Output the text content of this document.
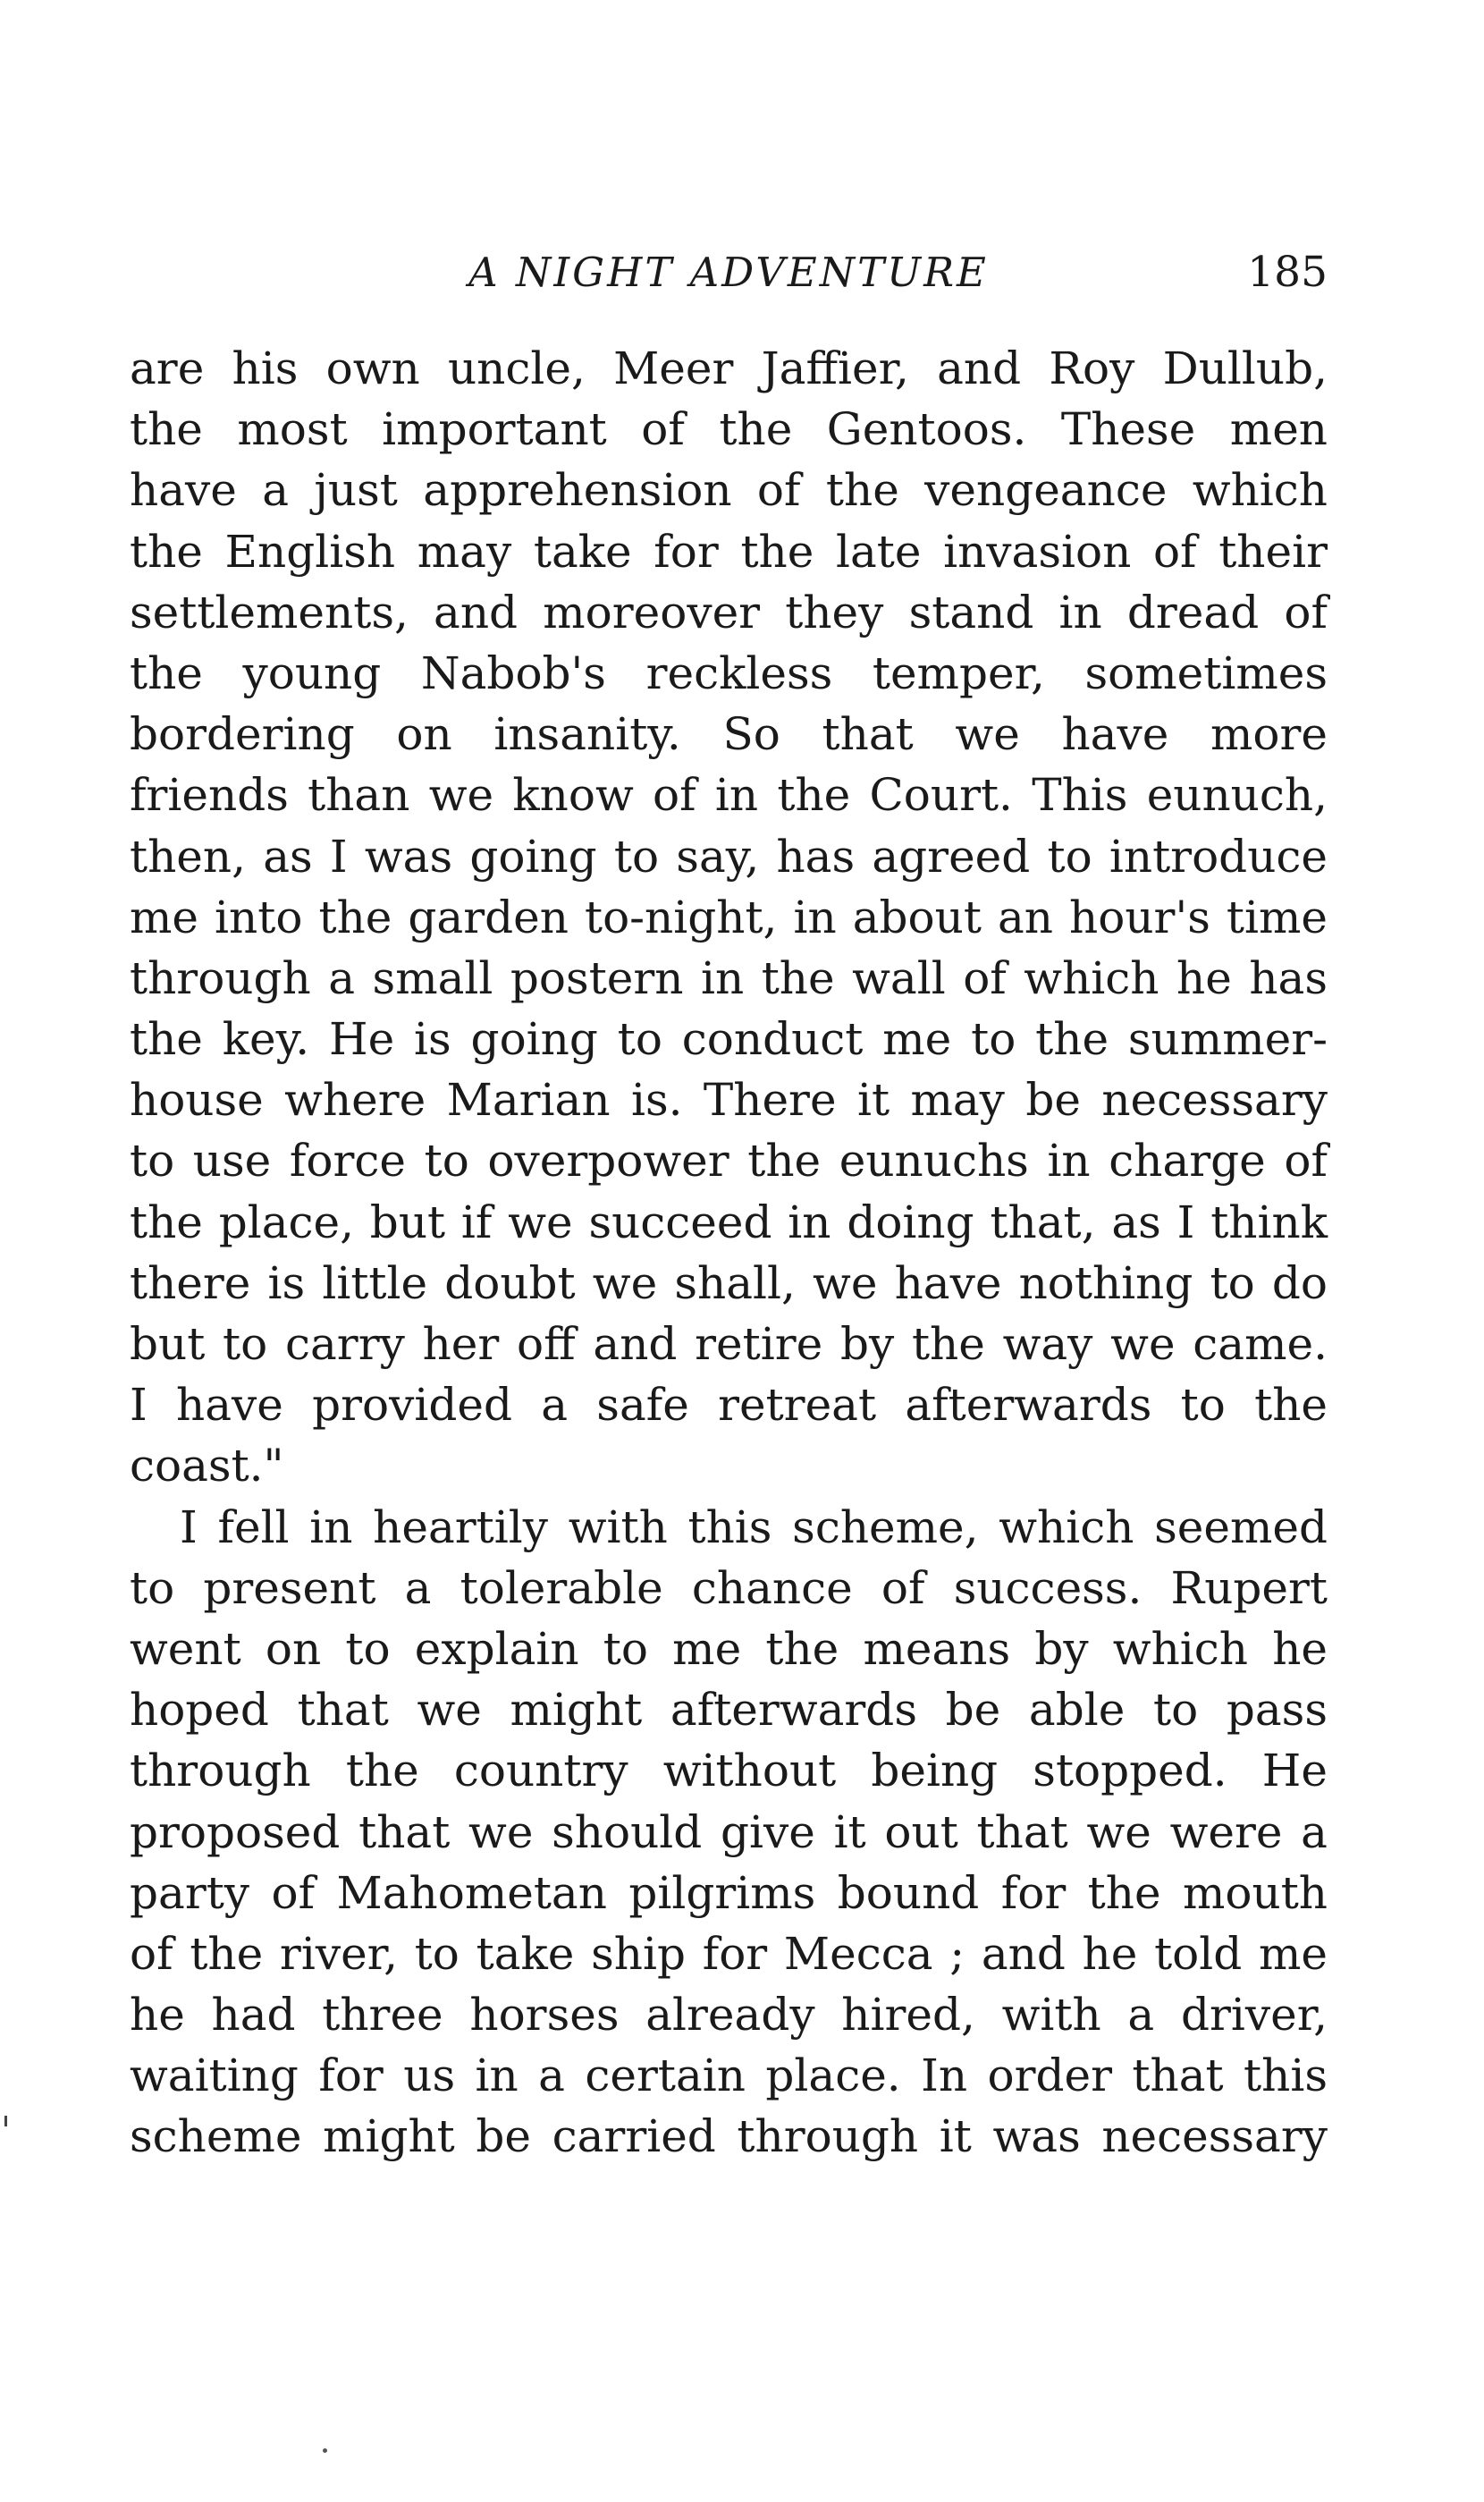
A NIGHT ADVENTURE	185
are his own uncle, Meer Jaffier, and Roy Dullub,
the most important of the Gentoos. These men
have a just apprehension of the vengeance which
the English may take for the late invasion of their
settlements, and moreover they stand in dread of
the young Nabob's reckless temper, sometimes
bordering on insanity. So that we have more
friends than we know of in the Court. This eunuch,
then, as I was going to say, has agreed to introduce
me into the garden to-night, in about an hour's time
through a small postern in the wall of which he has
the key. He is going to conduct me to the summer-
house where Marian is. There it may be necessary
to use force to overpower the eunuchs in charge of
the place, but if we succeed in doing that, as I think
there is little doubt we shall, we have nothing to do
but to carry her off and retire by the way we came.
I have provided a safe retreat afterwards to the
coast."
I fell in heartily with this scheme, which seemed
to present a tolerable chance of success. Rupert
went on to explain to me the means by which he
hoped that we might afterwards be able to pass
through the country without being stopped. He
proposed that we should give it out that we were a
party of Mahometan pilgrims bound for the mouth
of the river, to take ship for Mecca ; and he told me
he had three horses already hired, with a driver,
waiting for us in a certain place. In order that this
scheme might be carried through it was necessary
